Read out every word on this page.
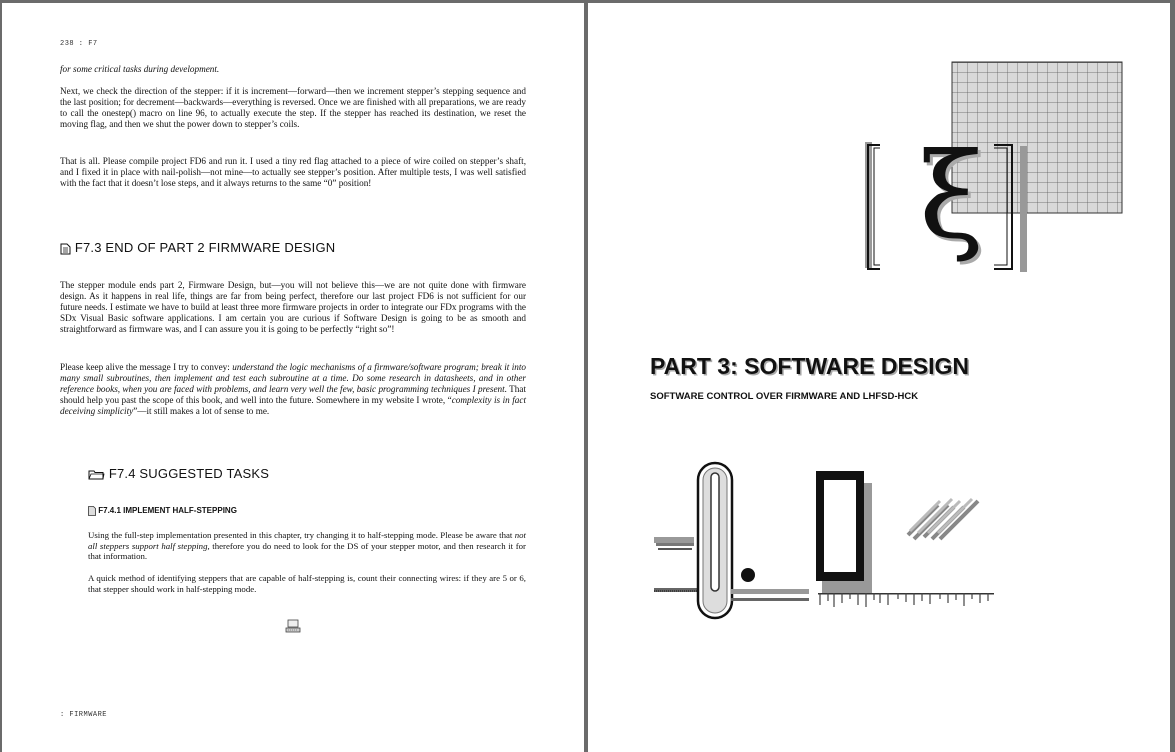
238 : F7

for some critical tasks during development.

Next, we check the direction of the stepper: if it is increment—forward—then we increment stepper’s stepping sequence and the last position; for decrement—backwards—everything is reversed. Once we are finished with all preparations, we are ready to call the onestep() macro on line 96, to actually execute the step. If the stepper has reached its destination, we reset the moving flag, and then we shut the power down to stepper’s coils.

That is all. Please compile project FD6 and run it. I used a tiny red flag attached to a piece of wire coiled on stepper’s shaft, and I fixed it in place with nail-polish—not mine—to actually see stepper’s position. After multiple tests, I was well satisfied with the fact that it doesn’t lose steps, and it always returns to the same “0” position!

F7.3 END OF PART 2 FIRMWARE DESIGN

The stepper module ends part 2, Firmware Design, but—you will not believe this—we are not quite done with firmware design. As it happens in real life, things are far from being perfect, therefore our last project FD6 is not sufficient for our future needs. I estimate we have to build at least three more firmware projects in order to integrate our FDx programs with the SDx Visual Basic software applications. I am certain you are curious if Software Design is going to be as smooth and straightforward as firmware was, and I can assure you it is going to be perfectly “right so”!

Please keep alive the message I try to convey: understand the logic mechanisms of a firmware/software program; break it into many small subroutines, then implement and test each subroutine at a time. Do some research in datasheets, and in other reference books, when you are faced with problems, and learn very well the few, basic programming techniques I present. That should help you past the scope of this book, and well into the future. Somewhere in my website I wrote, “complexity is in fact deceiving simplicity”—it still makes a lot of sense to me.

F7.4 SUGGESTED TASKS
F7.4.1 IMPLEMENT HALF-STEPPING

Using the full-step implementation presented in this chapter, try changing it to half-stepping mode. Please be aware that not all steppers support half stepping, therefore you do need to look for the DS of your stepper motor, and then research it for that information.

A quick method of identifying steppers that are capable of half-stepping is, count their connecting wires: if they are 5 or 6, that stepper should work in half-stepping mode.

: FIRMWARE
ξ
PART 3: SOFTWARE DESIGN

SOFTWARE CONTROL OVER FIRMWARE AND LHFSD-HCK
